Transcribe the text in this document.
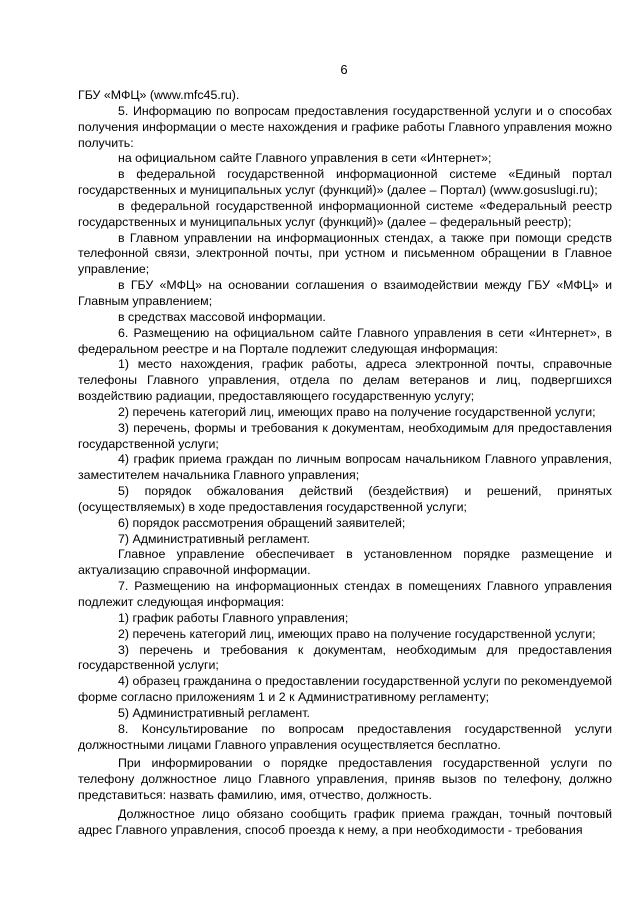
6

ГБУ «МФЦ» (www.mfc45.ru).

5. Информацию по вопросам предоставления государственной услуги и о способах получения информации о месте нахождения и графике работы Главного управления можно получить:

на официальном сайте Главного управления в сети «Интернет»;

в федеральной государственной информационной системе «Единый портал государственных и муниципальных услуг (функций)» (далее – Портал) (www.gosuslugi.ru);

в федеральной государственной информационной системе «Федеральный реестр государственных и муниципальных услуг (функций)» (далее – федеральный реестр);

в Главном управлении на информационных стендах, а также при помощи средств телефонной связи, электронной почты, при устном и письменном обращении в Главное управление;

в ГБУ «МФЦ» на основании соглашения о взаимодействии между ГБУ «МФЦ» и Главным управлением;

в средствах массовой информации.

6. Размещению на официальном сайте Главного управления в сети «Интернет», в федеральном реестре и на Портале подлежит следующая информация:

1) место нахождения, график работы, адреса электронной почты, справочные телефоны Главного управления, отдела по делам ветеранов и лиц, подвергшихся воздействию радиации, предоставляющего государственную услугу;

2) перечень категорий лиц, имеющих право на получение государственной услуги;

3) перечень, формы и требования к документам, необходимым для предоставления государственной услуги;

4) график приема граждан по личным вопросам начальником Главного управления, заместителем начальника Главного управления;

5) порядок обжалования действий (бездействия) и решений, принятых (осуществляемых) в ходе предоставления государственной услуги;

6) порядок рассмотрения обращений заявителей;

7) Административный регламент.

Главное управление обеспечивает в установленном порядке размещение и актуализацию справочной информации.

7. Размещению на информационных стендах в помещениях Главного управления подлежит следующая информация:

1) график работы Главного управления;

2) перечень категорий лиц, имеющих право на получение государственной услуги;

3) перечень и требования к документам, необходимым для предоставления государственной услуги;

4) образец гражданина о предоставлении государственной услуги по рекомендуемой форме согласно приложениям 1 и 2 к Административному регламенту;

5) Административный регламент.

8. Консультирование по вопросам предоставления государственной услуги должностными лицами Главного управления осуществляется бесплатно.

При информировании о порядке предоставления государственной услуги по телефону должностное лицо Главного управления, приняв вызов по телефону, должно представиться: назвать фамилию, имя, отчество, должность.

Должностное лицо обязано сообщить график приема граждан, точный почтовый адрес Главного управления, способ проезда к нему, а при необходимости - требования
